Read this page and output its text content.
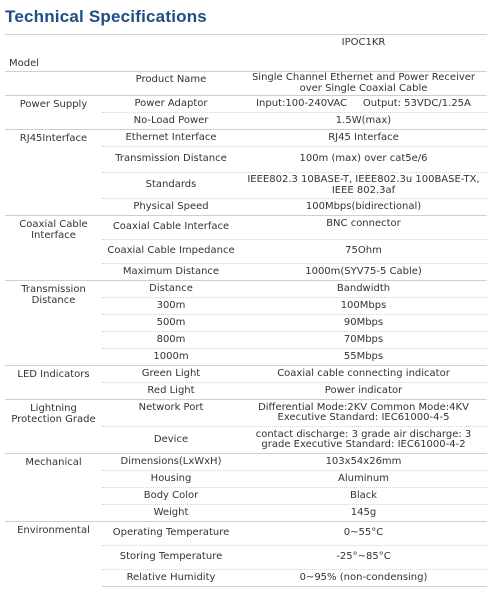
Technical Specifications
Model		IPOC1KR
	Product Name	Single Channel Ethernet and Power Receiver over Single Coaxial Cable
Power Supply	Power Adaptor	Input:100-240VAC     Output: 53VDC/1.25A
	No-Load Power	1.5W(max)
RJ45Interface	Ethernet Interface	RJ45 Interface
	Transmission Distance	100m (max) over cat5e/6
	Standards	IEEE802.3 10BASE-T, IEEE802.3u 100BASE-TX, IEEE 802.3af
	Physical Speed	100Mbps(bidirectional)
Coaxial Cable Interface	Coaxial Cable Interface	BNC connector
	Coaxial Cable Impedance	75Ohm
	Maximum Distance	1000m(SYV75-5 Cable)
Transmission Distance	Distance	Bandwidth
	300m	100Mbps
	500m	90Mbps
	800m	70Mbps
	1000m	55Mbps
LED Indicators	Green Light	Coaxial cable connecting indicator
	Red Light	Power indicator
Lightning Protection Grade	Network Port	Differential Mode:2KV Common Mode:4KV Executive Standard: IEC61000-4-5
	Device	contact discharge: 3 grade air discharge: 3 grade Executive Standard: IEC61000-4-2
Mechanical	Dimensions(LxWxH)	103x54x26mm
	Housing	Aluminum
	Body Color	Black
	Weight	145g
Environmental	Operating Temperature	0~55°C
	Storing Temperature	-25°~85°C
	Relative Humidity	0~95% (non-condensing)
